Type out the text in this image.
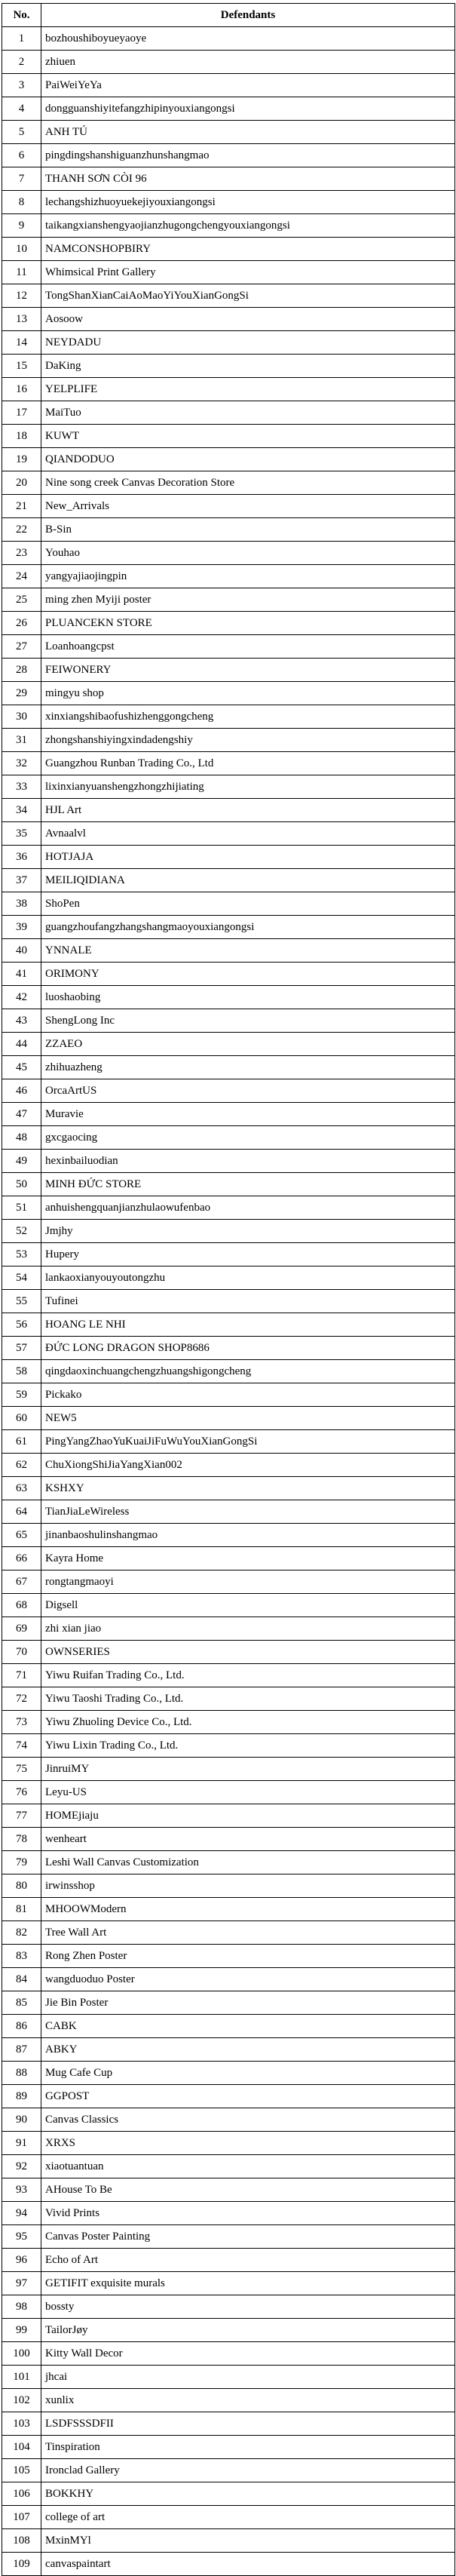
No.	Defendants
1	bozhoushiboyueyaoye
2	zhiuen
3	PaiWeiYeYa
4	dongguanshiyitefangzhipinyouxiangongsi
5	ANH TÚ
6	pingdingshanshiguanzhunshangmao
7	THANH SƠN CÒI 96
8	lechangshizhuoyuekejiyouxiangongsi
9	taikangxianshengyaojianzhugongchengyouxiangongsi
10	NAMCONSHOPBIRY
11	Whimsical Print Gallery
12	TongShanXianCaiAoMaoYiYouXianGongSi
13	Aosoow
14	NEYDADU
15	DaKing
16	YELPLIFE
17	MaiTuo
18	KUWT
19	QIANDODUO
20	Nine song creek Canvas Decoration Store
21	New_Arrivals
22	B-Sin
23	Youhao
24	yangyajiaojingpin
25	ming zhen Myiji poster
26	PLUANCEKN STORE
27	Loanhoangcpst
28	FEIWONERY
29	mingyu shop
30	xinxiangshibaofushizhenggongcheng
31	zhongshanshiyingxindadengshiy
32	Guangzhou Runban Trading Co., Ltd
33	lixinxianyuanshengzhongzhijiating
34	HJL Art
35	Avnaalvl
36	HOTJAJA
37	MEILIQIDIANA
38	ShoPen
39	guangzhoufangzhangshangmaoyouxiangongsi
40	YNNALE
41	ORIMONY
42	luoshaobing
43	ShengLong Inc
44	ZZAEO
45	zhihuazheng
46	OrcaArtUS
47	Muravie
48	gxcgaocing
49	hexinbailuodian
50	MINH ĐỨC STORE
51	anhuishengquanjianzhulaowufenbao
52	Jmjhy
53	Hupery
54	lankaoxianyouyoutongzhu
55	Tufinei
56	HOANG LE NHI
57	ĐỨC LONG DRAGON SHOP8686
58	qingdaoxinchuangchengzhuangshigongcheng
59	Pickako
60	NEW5
61	PingYangZhaoYuKuaiJiFuWuYouXianGongSi
62	ChuXiongShiJiaYangXian002
63	KSHXY
64	TianJiaLeWireless
65	jinanbaoshulinshangmao
66	Kayra Home
67	rongtangmaoyi
68	Digsell
69	zhi xian jiao
70	OWNSERIES
71	Yiwu Ruifan Trading Co., Ltd.
72	Yiwu Taoshi Trading Co., Ltd.
73	Yiwu Zhuoling Device Co., Ltd.
74	Yiwu Lixin Trading Co., Ltd.
75	JinruiMY
76	Leyu-US
77	HOMEjiaju
78	wenheart
79	Leshi Wall Canvas Customization
80	irwinsshop
81	MHOOWModern
82	Tree Wall Art
83	Rong Zhen Poster
84	wangduoduo Poster
85	Jie Bin Poster
86	CABK
87	ABKY
88	Mug Cafe Cup
89	GGPOST
90	Canvas Classics
91	XRXS
92	xiaotuantuan
93	AHouse To Be
94	Vivid Prints
95	Canvas Poster Painting
96	Echo of Art
97	GETIFIT exquisite murals
98	bossty
99	TailorJøy
100	Kitty Wall Decor
101	jhcai
102	xunlix
103	LSDFSSSDFII
104	Tinspiration
105	Ironclad Gallery
106	BOKKHY
107	college of art
108	MxinMYl
109	canvaspaintart
